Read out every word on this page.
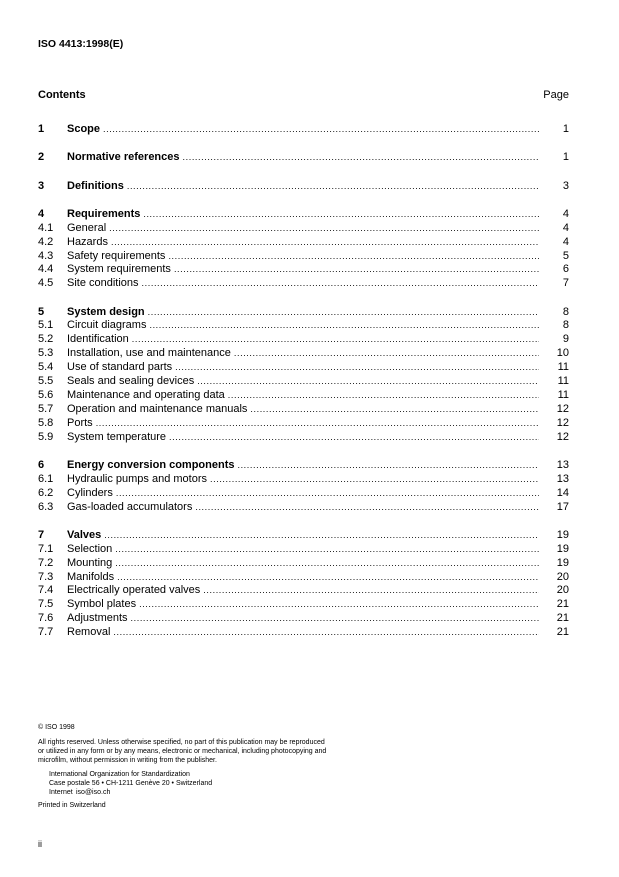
ISO 4413:1998(E)
Contents	Page
1	Scope .....	1
2	Normative references .....	1
3	Definitions .....	3
4	Requirements .....	4
4.1	General .....	4
4.2	Hazards .....	4
4.3	Safety requirements .....	5
4.4	System requirements .....	6
4.5	Site conditions .....	7
5	System design .....	8
5.1	Circuit diagrams .....	8
5.2	Identification .....	9
5.3	Installation, use and maintenance .....	10
5.4	Use of standard parts .....	11
5.5	Seals and sealing devices .....	11
5.6	Maintenance and operating data .....	11
5.7	Operation and maintenance manuals .....	12
5.8	Ports .....	12
5.9	System temperature .....	12
6	Energy conversion components .....	13
6.1	Hydraulic pumps and motors .....	13
6.2	Cylinders .....	14
6.3	Gas-loaded accumulators .....	17
7	Valves .....	19
7.1	Selection .....	19
7.2	Mounting .....	19
7.3	Manifolds .....	20
7.4	Electrically operated valves .....	20
7.5	Symbol plates .....	21
7.6	Adjustments .....	21
7.7	Removal .....	21
© ISO 1998
All rights reserved. Unless otherwise specified, no part of this publication may be reproduced
or utilized in any form or by any means, electronic or mechanical, including photocopying and
microfilm, without permission in writing from the publisher.
International Organization for Standardization
Case postale 56 • CH-1211 Genève 20 • Switzerland
Internet iso@iso.ch
Printed in Switzerland
ii
